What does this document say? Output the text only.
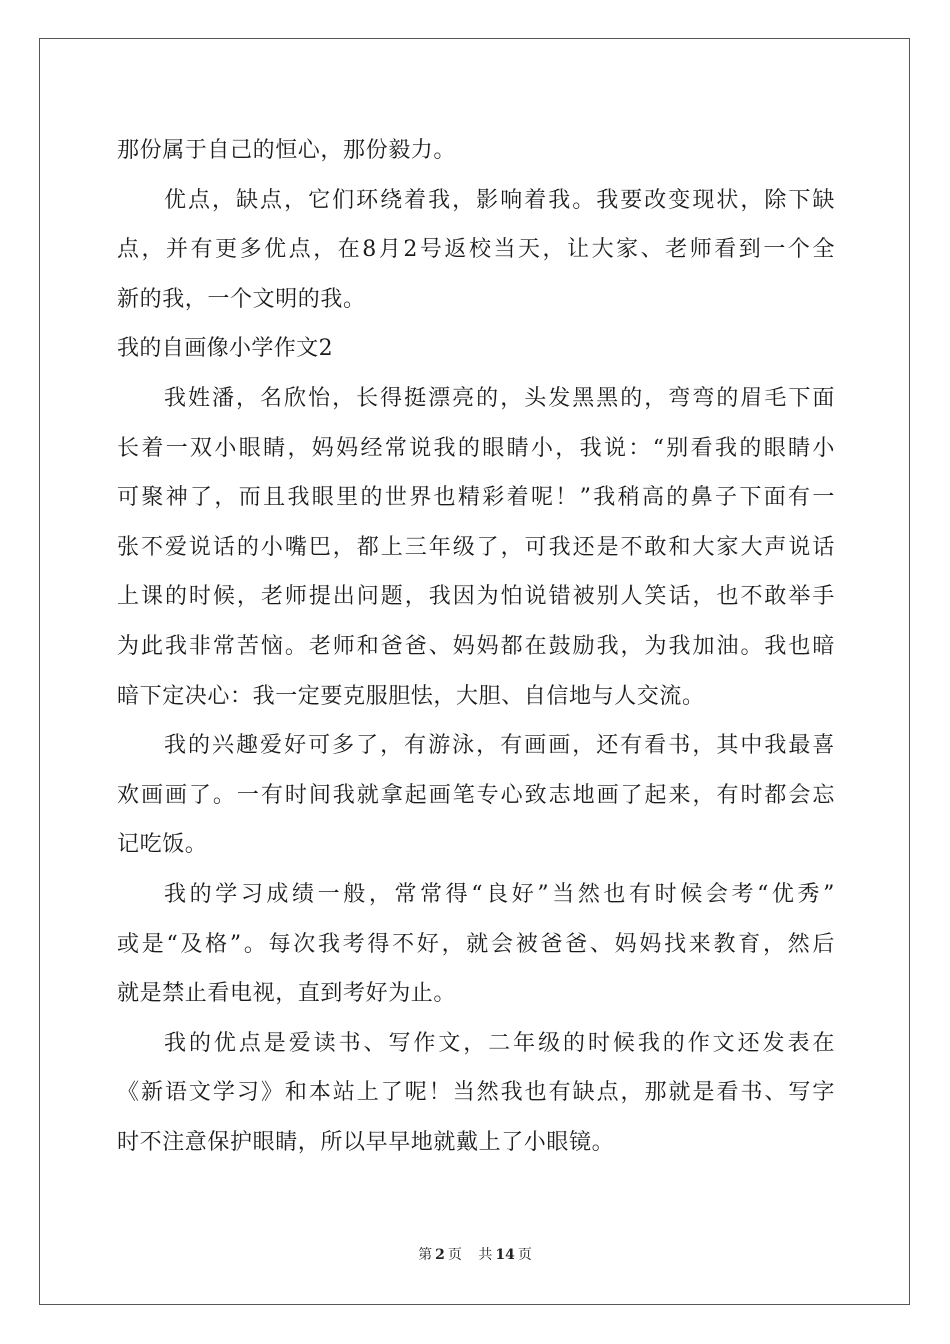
那份属于自己的恒心，那份毅力。
优点，缺点，它们环绕着我，影响着我。我要改变现状，除下缺
点，并有更多优点，在8月2号返校当天，让大家、老师看到一个全
新的我，一个文明的我。
我的自画像小学作文2
我姓潘，名欣怡，长得挺漂亮的，头发黑黑的，弯弯的眉毛下面
长着一双小眼睛，妈妈经常说我的眼睛小，我说：“别看我的眼睛小
可聚神了，而且我眼里的世界也精彩着呢！”我稍高的鼻子下面有一
张不爱说话的小嘴巴，都上三年级了，可我还是不敢和大家大声说话
上课的时候，老师提出问题，我因为怕说错被别人笑话，也不敢举手
为此我非常苦恼。老师和爸爸、妈妈都在鼓励我，为我加油。我也暗
暗下定决心：我一定要克服胆怯，大胆、自信地与人交流。
我的兴趣爱好可多了，有游泳，有画画，还有看书，其中我最喜
欢画画了。一有时间我就拿起画笔专心致志地画了起来，有时都会忘
记吃饭。
我的学习成绩一般，常常得“良好”当然也有时候会考“优秀”
或是“及格”。每次我考得不好，就会被爸爸、妈妈找来教育，然后
就是禁止看电视，直到考好为止。
我的优点是爱读书、写作文，二年级的时候我的作文还发表在
《新语文学习》和本站上了呢！当然我也有缺点，那就是看书、写字
时不注意保护眼睛，所以早早地就戴上了小眼镜。
第 2 页 共 14 页
